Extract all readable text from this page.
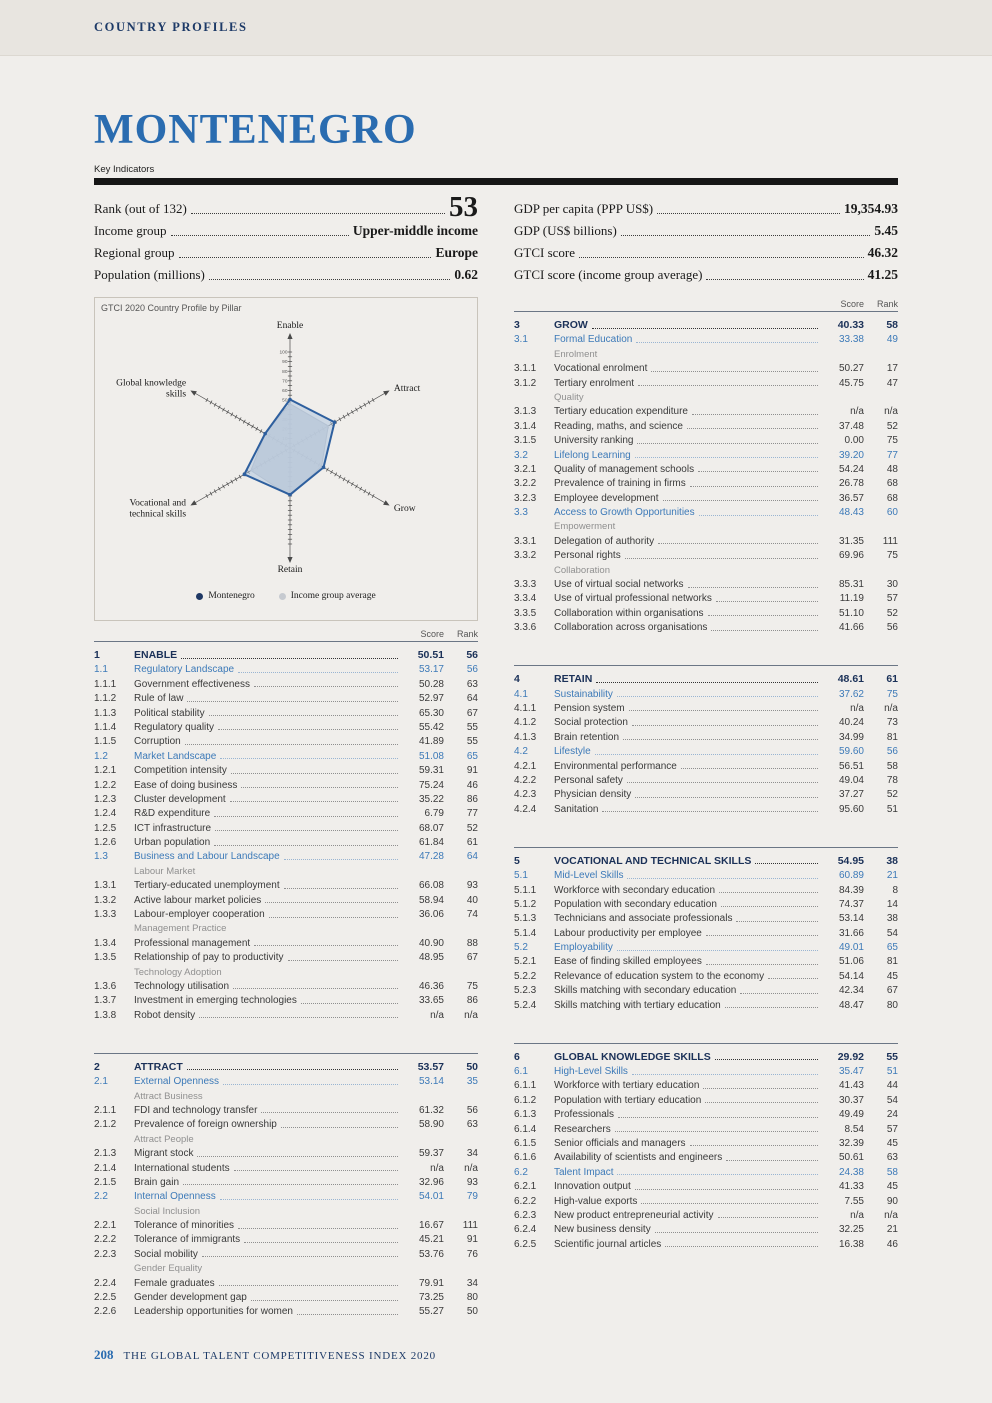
COUNTRY PROFILES
MONTENEGRO
Key Indicators
Rank (out of 132)	53
Income group	Upper-middle income
Regional group	Europe
Population (millions)	0.62
GDP per capita (PPP US$)	19,354.93
GDP (US$ billions)	5.45
GTCI score	46.32
GTCI score (income group average)	41.25
GTCI 2020 Country Profile by Pillar
50
60
70
80
90
100
Enable
Attract
Grow
Retain
Vocational and technical skills
Global knowledge skills
Montenegro	Income group average
Score	Rank
1	ENABLE	50.51	56
1.1	Regulatory Landscape	53.17	56
1.1.1	Government effectiveness	50.28	63
1.1.2	Rule of law	52.97	64
1.1.3	Political stability	65.30	67
1.1.4	Regulatory quality	55.42	55
1.1.5	Corruption	41.89	55
1.2	Market Landscape	51.08	65
1.2.1	Competition intensity	59.31	91
1.2.2	Ease of doing business	75.24	46
1.2.3	Cluster development	35.22	86
1.2.4	R&D expenditure	6.79	77
1.2.5	ICT infrastructure	68.07	52
1.2.6	Urban population	61.84	61
1.3	Business and Labour Landscape	47.28	64
Labour Market
1.3.1	Tertiary-educated unemployment	66.08	93
1.3.2	Active labour market policies	58.94	40
1.3.3	Labour-employer cooperation	36.06	74
Management Practice
1.3.4	Professional management	40.90	88
1.3.5	Relationship of pay to productivity	48.95	67
Technology Adoption
1.3.6	Technology utilisation	46.36	75
1.3.7	Investment in emerging technologies	33.65	86
1.3.8	Robot density	n/a	n/a
2	ATTRACT	53.57	50
2.1	External Openness	53.14	35
Attract Business
2.1.1	FDI and technology transfer	61.32	56
2.1.2	Prevalence of foreign ownership	58.90	63
Attract People
2.1.3	Migrant stock	59.37	34
2.1.4	International students	n/a	n/a
2.1.5	Brain gain	32.96	93
2.2	Internal Openness	54.01	79
Social Inclusion
2.2.1	Tolerance of minorities	16.67	111
2.2.2	Tolerance of immigrants	45.21	91
2.2.3	Social mobility	53.76	76
Gender Equality
2.2.4	Female graduates	79.91	34
2.2.5	Gender development gap	73.25	80
2.2.6	Leadership opportunities for women	55.27	50
Score	Rank
3	GROW	40.33	58
3.1	Formal Education	33.38	49
Enrolment
3.1.1	Vocational enrolment	50.27	17
3.1.2	Tertiary enrolment	45.75	47
Quality
3.1.3	Tertiary education expenditure	n/a	n/a
3.1.4	Reading, maths, and science	37.48	52
3.1.5	University ranking	0.00	75
3.2	Lifelong Learning	39.20	77
3.2.1	Quality of management schools	54.24	48
3.2.2	Prevalence of training in firms	26.78	68
3.2.3	Employee development	36.57	68
3.3	Access to Growth Opportunities	48.43	60
Empowerment
3.3.1	Delegation of authority	31.35	111
3.3.2	Personal rights	69.96	75
Collaboration
3.3.3	Use of virtual social networks	85.31	30
3.3.4	Use of virtual professional networks	11.19	57
3.3.5	Collaboration within organisations	51.10	52
3.3.6	Collaboration across organisations	41.66	56
4	RETAIN	48.61	61
4.1	Sustainability	37.62	75
4.1.1	Pension system	n/a	n/a
4.1.2	Social protection	40.24	73
4.1.3	Brain retention	34.99	81
4.2	Lifestyle	59.60	56
4.2.1	Environmental performance	56.51	58
4.2.2	Personal safety	49.04	78
4.2.3	Physician density	37.27	52
4.2.4	Sanitation	95.60	51
5	VOCATIONAL AND TECHNICAL SKILLS	54.95	38
5.1	Mid-Level Skills	60.89	21
5.1.1	Workforce with secondary education	84.39	8
5.1.2	Population with secondary education	74.37	14
5.1.3	Technicians and associate professionals	53.14	38
5.1.4	Labour productivity per employee	31.66	54
5.2	Employability	49.01	65
5.2.1	Ease of finding skilled employees	51.06	81
5.2.2	Relevance of education system to the economy	54.14	45
5.2.3	Skills matching with secondary education	42.34	67
5.2.4	Skills matching with tertiary education	48.47	80
6	GLOBAL KNOWLEDGE SKILLS	29.92	55
6.1	High-Level Skills	35.47	51
6.1.1	Workforce with tertiary education	41.43	44
6.1.2	Population with tertiary education	30.37	54
6.1.3	Professionals	49.49	24
6.1.4	Researchers	8.54	57
6.1.5	Senior officials and managers	32.39	45
6.1.6	Availability of scientists and engineers	50.61	63
6.2	Talent Impact	24.38	58
6.2.1	Innovation output	41.33	45
6.2.2	High-value exports	7.55	90
6.2.3	New product entrepreneurial activity	n/a	n/a
6.2.4	New business density	32.25	21
6.2.5	Scientific journal articles	16.38	46
208 THE GLOBAL TALENT COMPETITIVENESS INDEX 2020
